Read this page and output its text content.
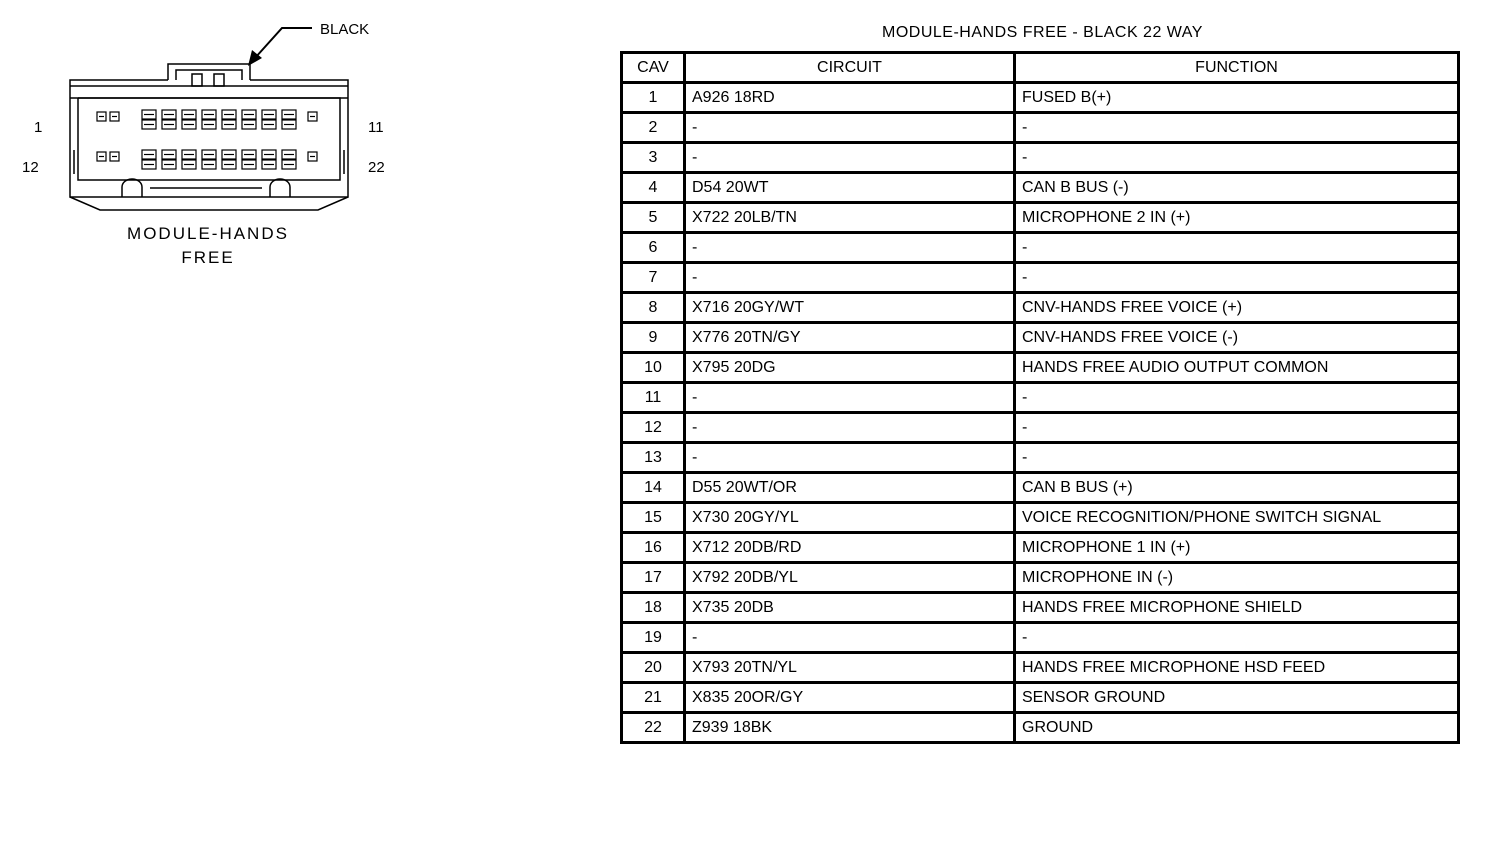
BLACK
1	11
12	22
MODULE-HANDS
FREE
MODULE-HANDS FREE - BLACK 22 WAY
CAV	CIRCUIT	FUNCTION
1	A926 18RD	FUSED B(+)
2	-	-
3	-	-
4	D54 20WT	CAN B BUS (-)
5	X722 20LB/TN	MICROPHONE 2 IN (+)
6	-	-
7	-	-
8	X716 20GY/WT	CNV-HANDS FREE VOICE (+)
9	X776 20TN/GY	CNV-HANDS FREE VOICE (-)
10	X795 20DG	HANDS FREE AUDIO OUTPUT COMMON
11	-	-
12	-	-
13	-	-
14	D55 20WT/OR	CAN B BUS (+)
15	X730 20GY/YL	VOICE RECOGNITION/PHONE SWITCH SIGNAL
16	X712 20DB/RD	MICROPHONE 1 IN (+)
17	X792 20DB/YL	MICROPHONE IN (-)
18	X735 20DB	HANDS FREE MICROPHONE SHIELD
19	-	-
20	X793 20TN/YL	HANDS FREE MICROPHONE HSD FEED
21	X835 20OR/GY	SENSOR GROUND
22	Z939 18BK	GROUND
